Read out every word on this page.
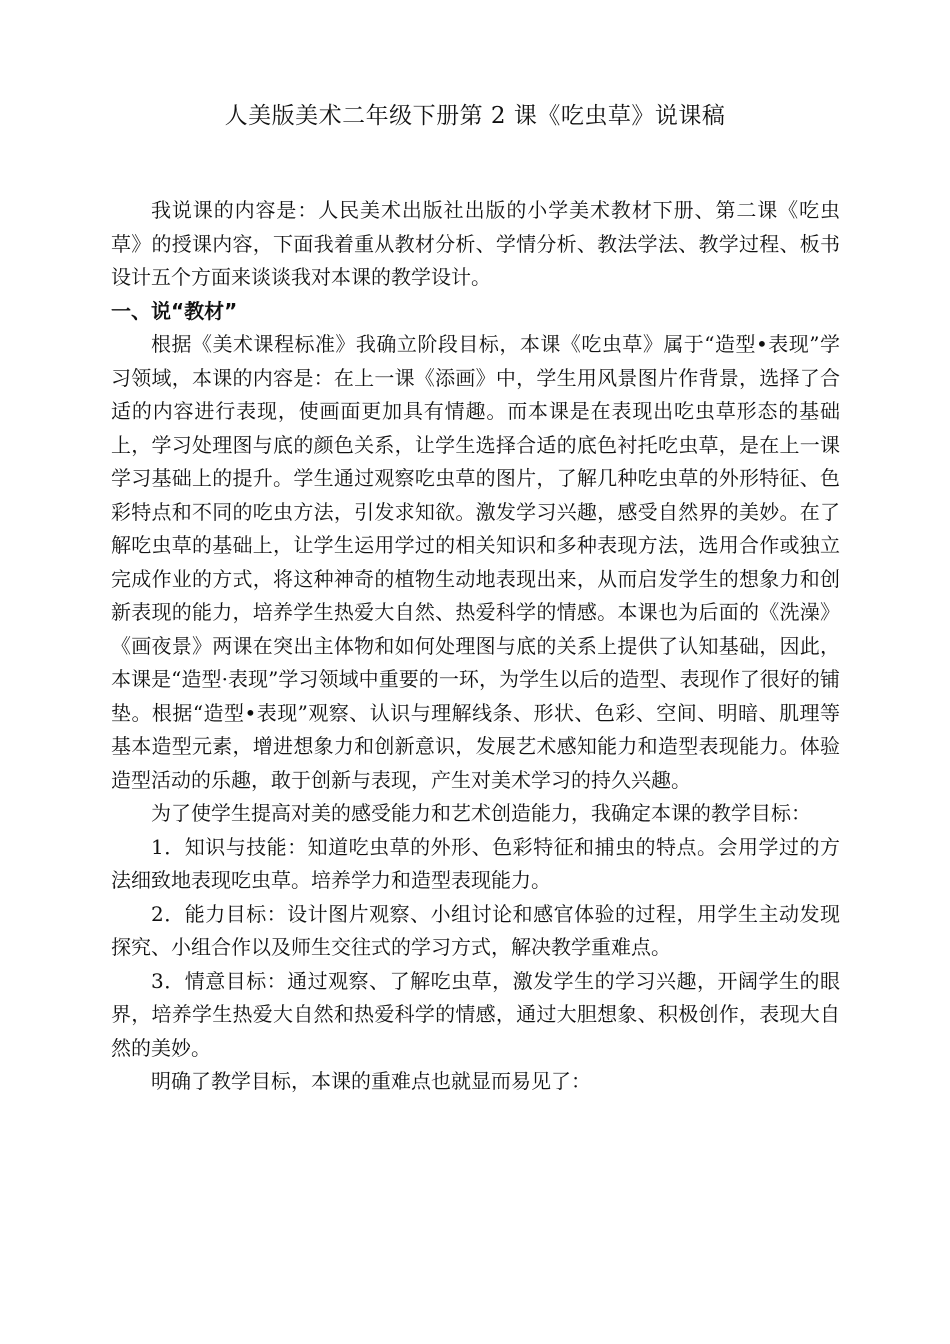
人美版美术二年级下册第 2 课《吃虫草》说课稿

我说课的内容是：人民美术出版社出版的小学美术教材下册、第二课《吃虫草》的授课内容，下面我着重从教材分析、学情分析、教法学法、教学过程、板书设计五个方面来谈谈我对本课的教学设计。

一、说“教材”

根据《美术课程标准》我确立阶段目标，本课《吃虫草》属于“造型•表现”学习领域，本课的内容是：在上一课《添画》中，学生用风景图片作背景，选择了合适的内容进行表现，使画面更加具有情趣。而本课是在表现出吃虫草形态的基础上，学习处理图与底的颜色关系，让学生选择合适的底色衬托吃虫草，是在上一课学习基础上的提升。学生通过观察吃虫草的图片，了解几种吃虫草的外形特征、色彩特点和不同的吃虫方法，引发求知欲。激发学习兴趣，感受自然界的美妙。在了解吃虫草的基础上，让学生运用学过的相关知识和多种表现方法，选用合作或独立完成作业的方式，将这种神奇的植物生动地表现出来，从而启发学生的想象力和创新表现的能力，培养学生热爱大自然、热爱科学的情感。本课也为后面的《洗澡》《画夜景》两课在突出主体物和如何处理图与底的关系上提供了认知基础，因此，本课是“造型·表现”学习领域中重要的一环，为学生以后的造型、表现作了很好的铺垫。根据“造型•表现”观察、认识与理解线条、形状、色彩、空间、明暗、肌理等基本造型元素，增进想象力和创新意识，发展艺术感知能力和造型表现能力。体验造型活动的乐趣，敢于创新与表现，产生对美术学习的持久兴趣。

为了使学生提高对美的感受能力和艺术创造能力，我确定本课的教学目标：

1．知识与技能：知道吃虫草的外形、色彩特征和捕虫的特点。会用学过的方法细致地表现吃虫草。培养学力和造型表现能力。

2．能力目标：设计图片观察、小组讨论和感官体验的过程，用学生主动发现探究、小组合作以及师生交往式的学习方式，解决教学重难点。

3．情意目标：通过观察、了解吃虫草，激发学生的学习兴趣，开阔学生的眼界，培养学生热爱大自然和热爱科学的情感，通过大胆想象、积极创作，表现大自然的美妙。

明确了教学目标，本课的重难点也就显而易见了：
